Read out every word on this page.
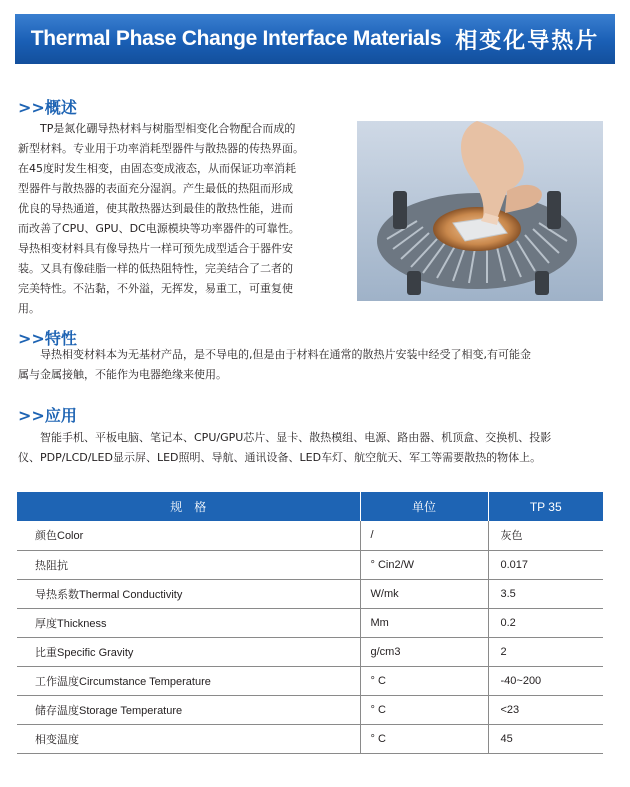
Thermal Phase Change Interface Materials 相变化导热片
>>概述
TP是氮化硼导热材料与树脂型相变化合物配合而成的
新型材料。专业用于功率消耗型器件与散热器的传热界面。
在45度时发生相变，由固态变成液态，从而保证功率消耗
型器件与散热器的表面充分湿润。产生最低的热阻而形成
优良的导热通道，使其散热器达到最佳的散热性能，进而
而改善了CPU、GPU、DC电源模块等功率器件的可靠性。
导热相变材料具有像导热片一样可预先成型适合于器件安
装。又具有像硅脂一样的低热阻特性，完美结合了二者的
完美特性。不沾黏，不外溢，无挥发，易重工，可重复使
用。
>>特性
导热相变材料本为无基材产品，是不导电的,但是由于材料在通常的散热片安装中经受了相变,有可能金
属与金属接触，不能作为电器绝缘来使用。
>>应用
智能手机、平板电脑、笔记本、CPU/GPU芯片、显卡、散热模组、电源、路由器、机顶盒、交换机、投影
仪、PDP/LCD/LED显示屏、LED照明、导航、通讯设备、LED车灯、航空航天、军工等需要散热的物体上。
规　格	单位	TP 35
颜色Color	/	灰色
热阻抗	° Cin2/W	0.017
导热系数Thermal Conductivity	W/mk	3.5
厚度Thickness	Mm	0.2
比重Specific Gravity	g/cm3	2
工作温度Circumstance Temperature	° C	-40~200
储存温度Storage Temperature	° C	<23
相变温度	° C	45
